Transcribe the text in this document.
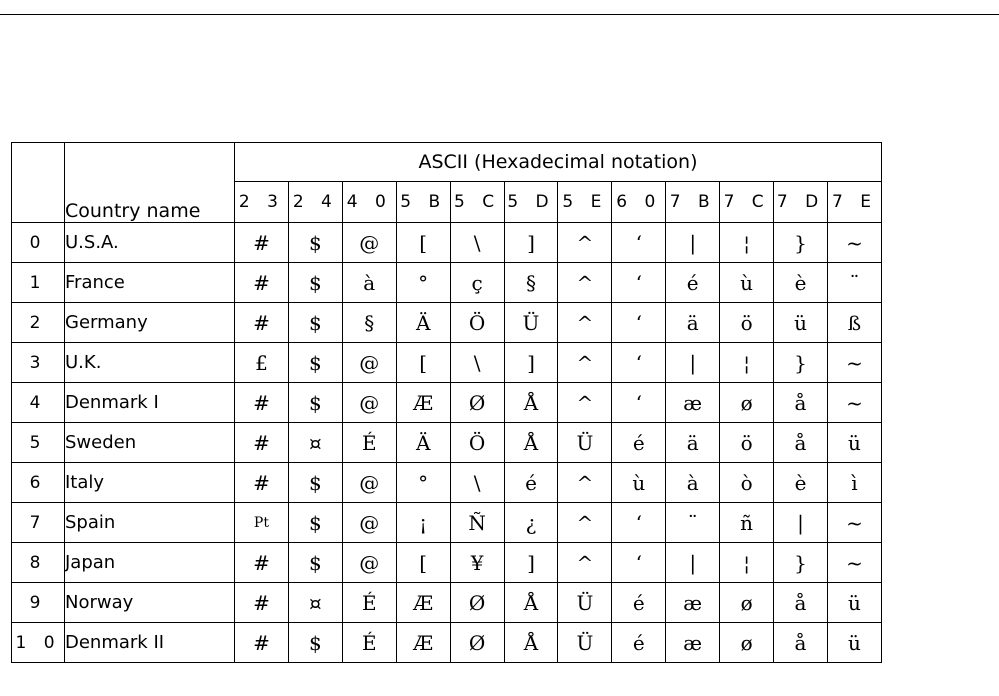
	Country name	ASCII (Hexadecimal notation)											
		2 3	2 4	4 0	5 B	5 C	5 D	5 E	6 0	7 B	7 C	7 D	7 E
0	U.S.A.	#	$	@	[	\	]	^	‘	|	¦	}	~
1	France	#	$	à	°	ç	§	^	‘	é	ù	è	¨
2	Germany	#	$	§	Ä	Ö	Ü	^	‘	ä	ö	ü	ß
3	U.K.	£	$	@	[	\	]	^	‘	|	¦	}	~
4	Denmark I	#	$	@	Æ	Ø	Å	^	‘	æ	ø	å	~
5	Sweden	#	¤	É	Ä	Ö	Å	Ü	é	ä	ö	å	ü
6	Italy	#	$	@	°	\	é	^	ù	à	ò	è	ì
7	Spain	Pt	$	@	¡	Ñ	¿	^	‘	¨	ñ	|	~
8	Japan	#	$	@	[	¥	]	^	‘	|	¦	}	~
9	Norway	#	¤	É	Æ	Ø	Å	Ü	é	æ	ø	å	ü
1 0	Denmark II	#	$	É	Æ	Ø	Å	Ü	é	æ	ø	å	ü
